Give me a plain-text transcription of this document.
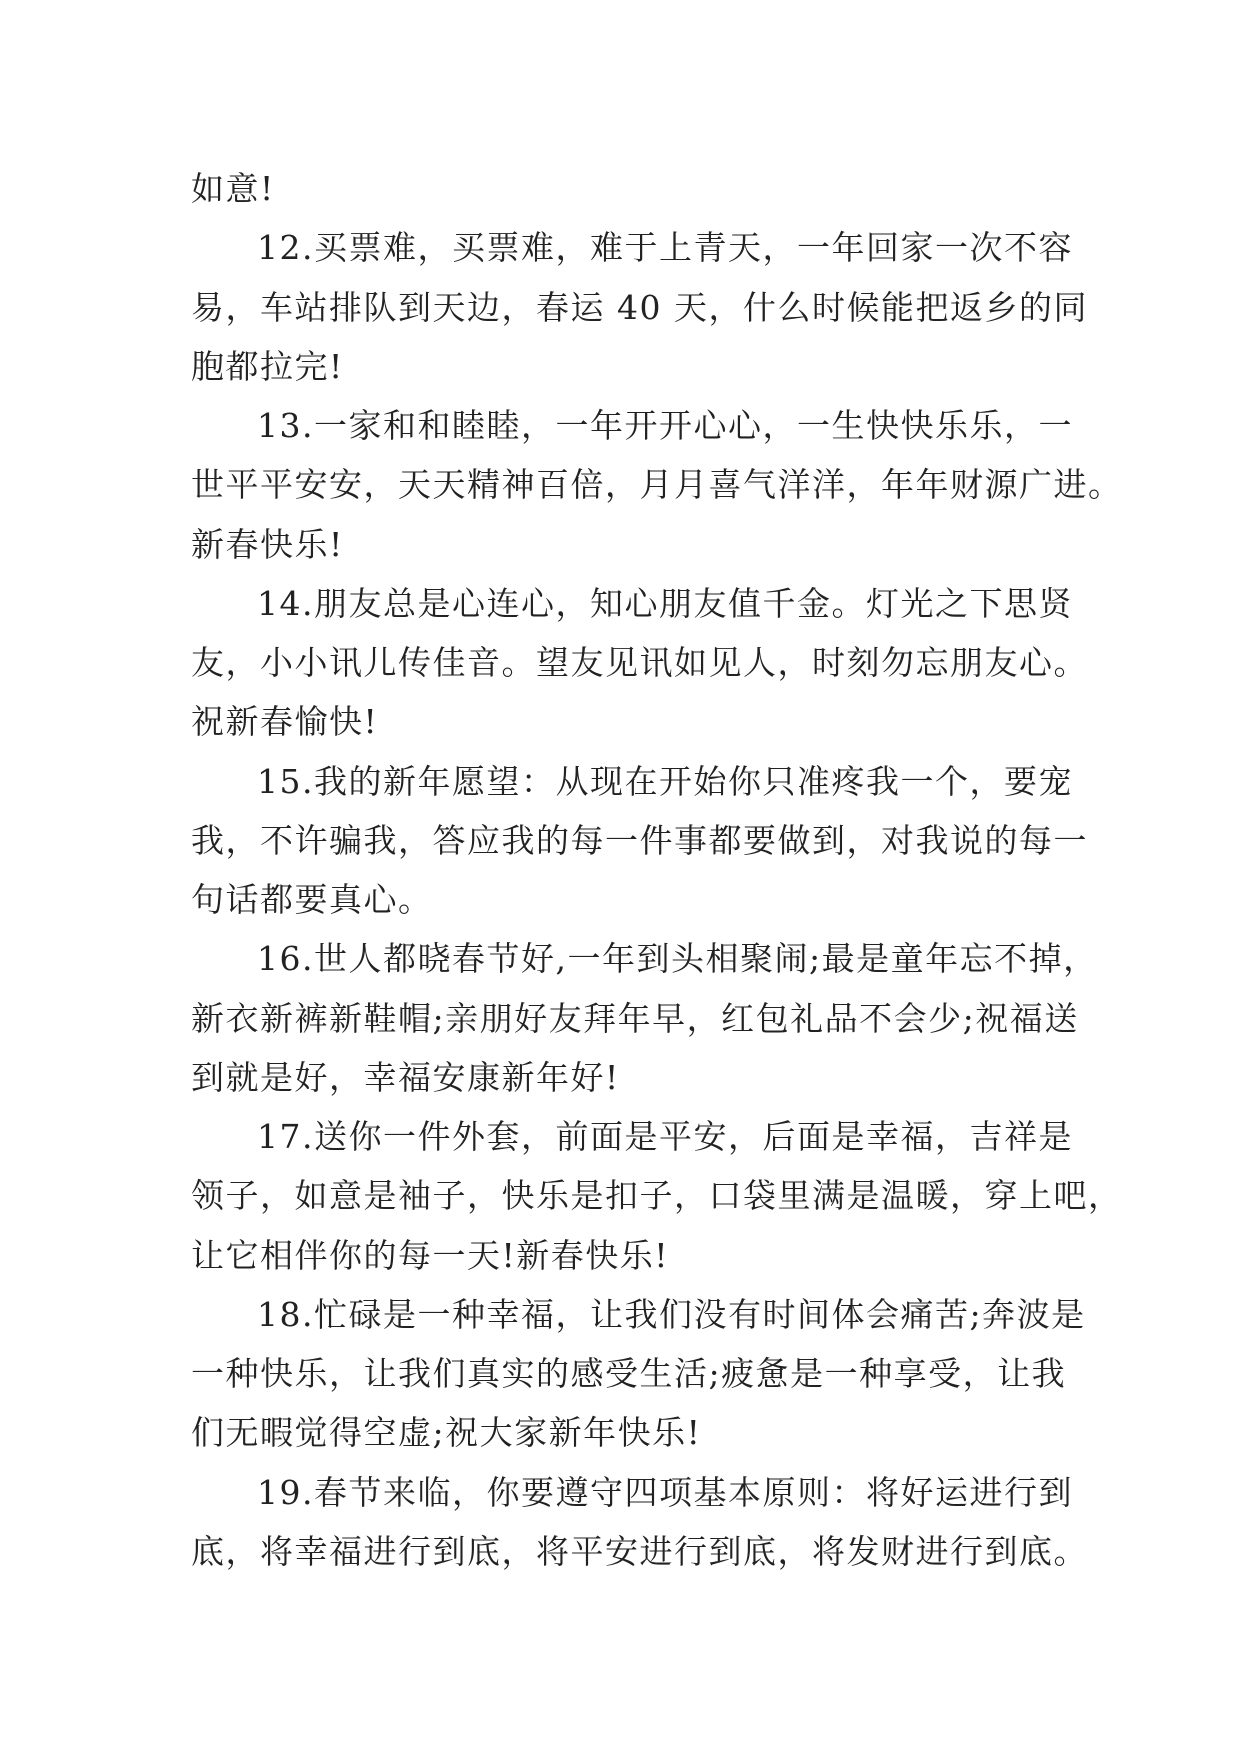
如意!
12.买票难，买票难，难于上青天，一年回家一次不容
易，车站排队到天边，春运 40 天，什么时候能把返乡的同
胞都拉完!
13.一家和和睦睦，一年开开心心，一生快快乐乐，一
世平平安安，天天精神百倍，月月喜气洋洋，年年财源广进。
新春快乐!
14.朋友总是心连心，知心朋友值千金。灯光之下思贤
友，小小讯儿传佳音。望友见讯如见人，时刻勿忘朋友心。
祝新春愉快!
15.我的新年愿望：从现在开始你只准疼我一个，要宠
我，不许骗我，答应我的每一件事都要做到，对我说的每一
句话都要真心。
16.世人都晓春节好,一年到头相聚闹;最是童年忘不掉，
新衣新裤新鞋帽;亲朋好友拜年早，红包礼品不会少;祝福送
到就是好，幸福安康新年好!
17.送你一件外套，前面是平安，后面是幸福，吉祥是
领子，如意是袖子，快乐是扣子，口袋里满是温暖，穿上吧，
让它相伴你的每一天!新春快乐!
18.忙碌是一种幸福，让我们没有时间体会痛苦;奔波是
一种快乐，让我们真实的感受生活;疲惫是一种享受，让我
们无暇觉得空虚;祝大家新年快乐!
19.春节来临，你要遵守四项基本原则：将好运进行到
底，将幸福进行到底，将平安进行到底，将发财进行到底。
